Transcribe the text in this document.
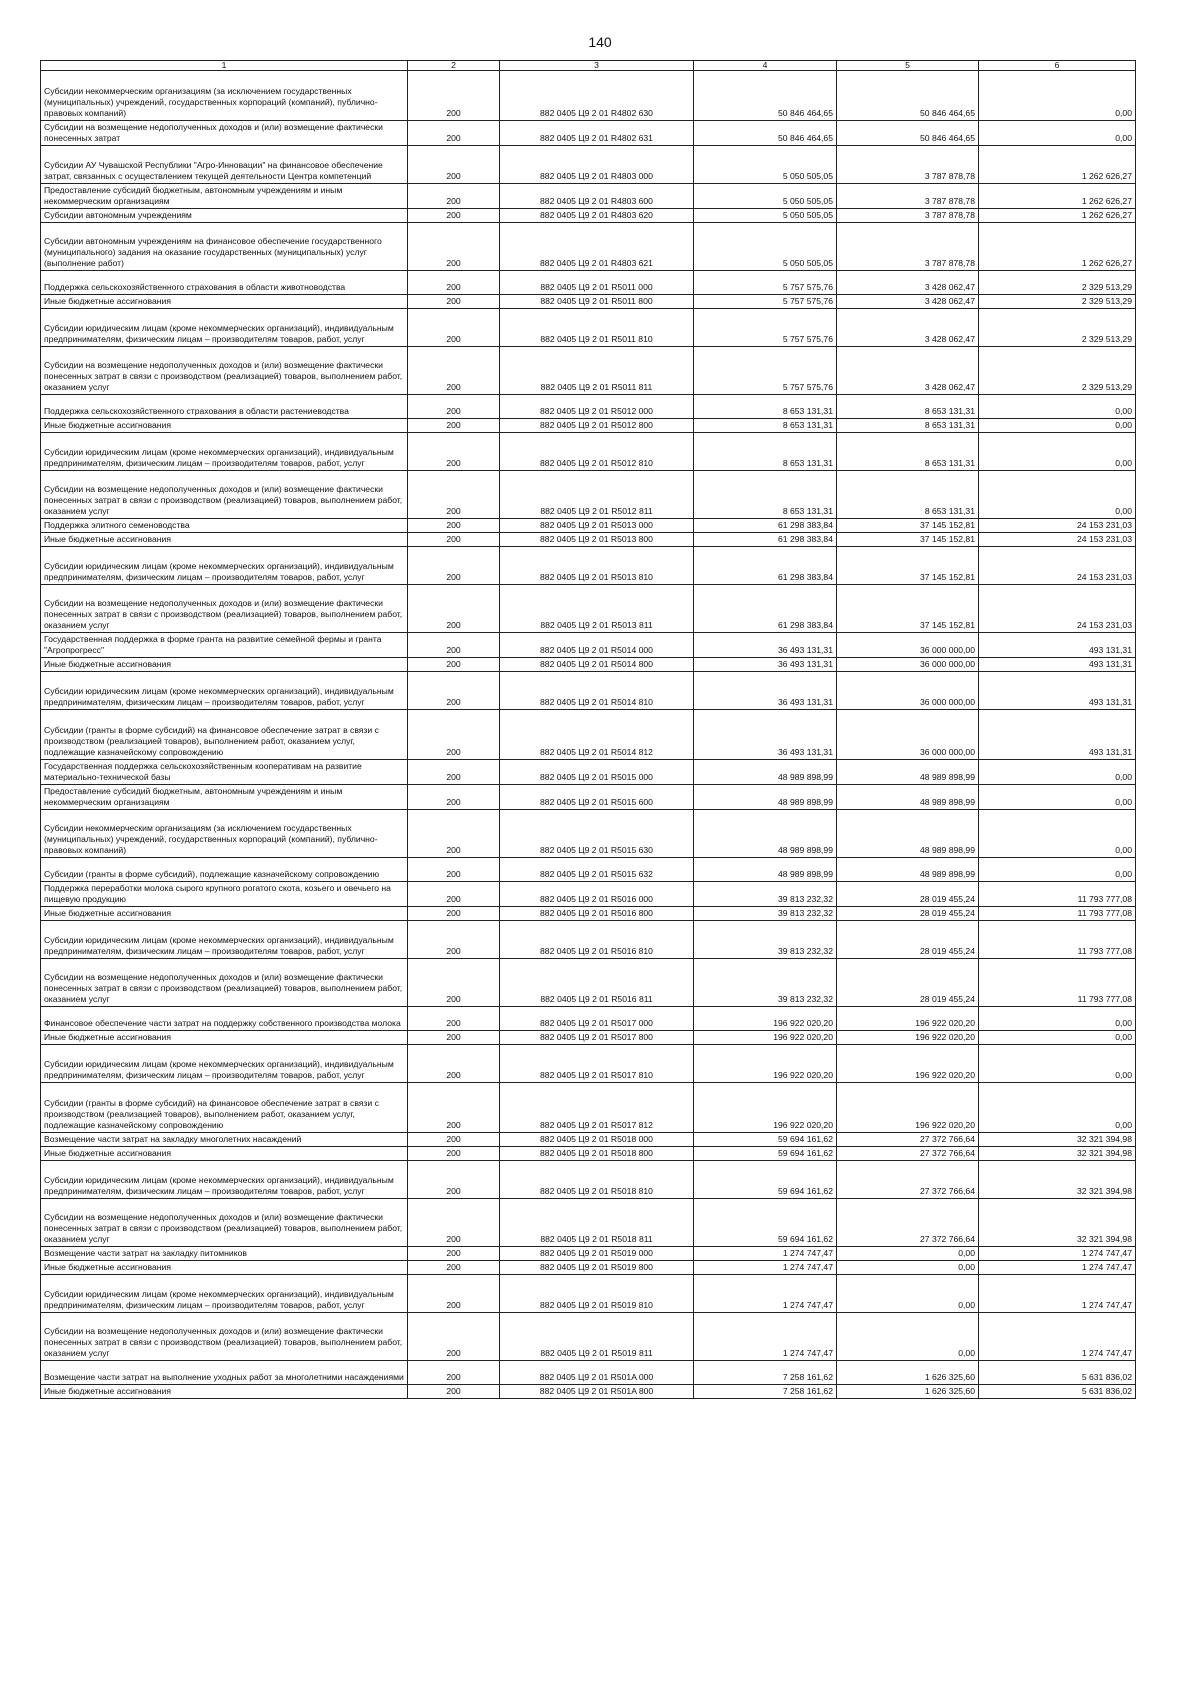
140
1	2	3	4	5	6
Субсидии некоммерческим организациям (за исключением государственных (муниципальных) учреждений, государственных корпораций (компаний), публично-правовых компаний)	200	882 0405 Ц9 2 01 R4802 630	50 846 464,65	50 846 464,65	0,00
Субсидии на возмещение недополученных доходов и (или) возмещение фактически понесенных затрат	200	882 0405 Ц9 2 01 R4802 631	50 846 464,65	50 846 464,65	0,00
Субсидии АУ Чувашской Республики "Агро-Инновации" на финансовое обеспечение затрат, связанных с осуществлением текущей деятельности Центра компетенций	200	882 0405 Ц9 2 01 R4803 000	5 050 505,05	3 787 878,78	1 262 626,27
Предоставление субсидий бюджетным, автономным учреждениям и иным некоммерческим организациям	200	882 0405 Ц9 2 01 R4803 600	5 050 505,05	3 787 878,78	1 262 626,27
Субсидии автономным учреждениям	200	882 0405 Ц9 2 01 R4803 620	5 050 505,05	3 787 878,78	1 262 626,27
Субсидии автономным учреждениям на финансовое обеспечение государственного (муниципального) задания на оказание государственных (муниципальных) услуг (выполнение работ)	200	882 0405 Ц9 2 01 R4803 621	5 050 505,05	3 787 878,78	1 262 626,27
Поддержка сельскохозяйственного страхования в области животноводства	200	882 0405 Ц9 2 01 R5011 000	5 757 575,76	3 428 062,47	2 329 513,29
Иные бюджетные ассигнования	200	882 0405 Ц9 2 01 R5011 800	5 757 575,76	3 428 062,47	2 329 513,29
Субсидии юридическим лицам (кроме некоммерческих организаций), индивидуальным предпринимателям, физическим лицам – производителям товаров, работ, услуг	200	882 0405 Ц9 2 01 R5011 810	5 757 575,76	3 428 062,47	2 329 513,29
Субсидии на возмещение недополученных доходов и (или) возмещение фактически понесенных затрат в связи с производством (реализацией) товаров, выполнением работ, оказанием услуг	200	882 0405 Ц9 2 01 R5011 811	5 757 575,76	3 428 062,47	2 329 513,29
Поддержка сельскохозяйственного страхования в области растениеводства	200	882 0405 Ц9 2 01 R5012 000	8 653 131,31	8 653 131,31	0,00
Иные бюджетные ассигнования	200	882 0405 Ц9 2 01 R5012 800	8 653 131,31	8 653 131,31	0,00
Субсидии юридическим лицам (кроме некоммерческих организаций), индивидуальным предпринимателям, физическим лицам – производителям товаров, работ, услуг	200	882 0405 Ц9 2 01 R5012 810	8 653 131,31	8 653 131,31	0,00
Субсидии на возмещение недополученных доходов и (или) возмещение фактически понесенных затрат в связи с производством (реализацией) товаров, выполнением работ, оказанием услуг	200	882 0405 Ц9 2 01 R5012 811	8 653 131,31	8 653 131,31	0,00
Поддержка элитного семеноводства	200	882 0405 Ц9 2 01 R5013 000	61 298 383,84	37 145 152,81	24 153 231,03
Иные бюджетные ассигнования	200	882 0405 Ц9 2 01 R5013 800	61 298 383,84	37 145 152,81	24 153 231,03
Субсидии юридическим лицам (кроме некоммерческих организаций), индивидуальным предпринимателям, физическим лицам – производителям товаров, работ, услуг	200	882 0405 Ц9 2 01 R5013 810	61 298 383,84	37 145 152,81	24 153 231,03
Субсидии на возмещение недополученных доходов и (или) возмещение фактически понесенных затрат в связи с производством (реализацией) товаров, выполнением работ, оказанием услуг	200	882 0405 Ц9 2 01 R5013 811	61 298 383,84	37 145 152,81	24 153 231,03
Государственная поддержка в форме гранта на развитие семейной фермы и гранта "Агропрогресс"	200	882 0405 Ц9 2 01 R5014 000	36 493 131,31	36 000 000,00	493 131,31
Иные бюджетные ассигнования	200	882 0405 Ц9 2 01 R5014 800	36 493 131,31	36 000 000,00	493 131,31
Субсидии юридическим лицам (кроме некоммерческих организаций), индивидуальным предпринимателям, физическим лицам – производителям товаров, работ, услуг	200	882 0405 Ц9 2 01 R5014 810	36 493 131,31	36 000 000,00	493 131,31
Субсидии (гранты в форме субсидий) на финансовое обеспечение затрат в связи с производством (реализацией товаров), выполнением работ, оказанием услуг, подлежащие казначейскому сопровождению	200	882 0405 Ц9 2 01 R5014 812	36 493 131,31	36 000 000,00	493 131,31
Государственная поддержка сельскохозяйственным кооперативам на развитие материально-технической базы	200	882 0405 Ц9 2 01 R5015 000	48 989 898,99	48 989 898,99	0,00
Предоставление субсидий бюджетным, автономным учреждениям и иным некоммерческим организациям	200	882 0405 Ц9 2 01 R5015 600	48 989 898,99	48 989 898,99	0,00
Субсидии некоммерческим организациям (за исключением государственных (муниципальных) учреждений, государственных корпораций (компаний), публично-правовых компаний)	200	882 0405 Ц9 2 01 R5015 630	48 989 898,99	48 989 898,99	0,00
Субсидии (гранты в форме субсидий), подлежащие казначейскому сопровождению	200	882 0405 Ц9 2 01 R5015 632	48 989 898,99	48 989 898,99	0,00
Поддержка переработки молока сырого крупного рогатого скота, козьего и овечьего на пищевую продукцию	200	882 0405 Ц9 2 01 R5016 000	39 813 232,32	28 019 455,24	11 793 777,08
Иные бюджетные ассигнования	200	882 0405 Ц9 2 01 R5016 800	39 813 232,32	28 019 455,24	11 793 777,08
Субсидии юридическим лицам (кроме некоммерческих организаций), индивидуальным предпринимателям, физическим лицам – производителям товаров, работ, услуг	200	882 0405 Ц9 2 01 R5016 810	39 813 232,32	28 019 455,24	11 793 777,08
Субсидии на возмещение недополученных доходов и (или) возмещение фактически понесенных затрат в связи с производством (реализацией) товаров, выполнением работ, оказанием услуг	200	882 0405 Ц9 2 01 R5016 811	39 813 232,32	28 019 455,24	11 793 777,08
Финансовое обеспечение части затрат на поддержку собственного производства молока	200	882 0405 Ц9 2 01 R5017 000	196 922 020,20	196 922 020,20	0,00
Иные бюджетные ассигнования	200	882 0405 Ц9 2 01 R5017 800	196 922 020,20	196 922 020,20	0,00
Субсидии юридическим лицам (кроме некоммерческих организаций), индивидуальным предпринимателям, физическим лицам – производителям товаров, работ, услуг	200	882 0405 Ц9 2 01 R5017 810	196 922 020,20	196 922 020,20	0,00
Субсидии (гранты в форме субсидий) на финансовое обеспечение затрат в связи с производством (реализацией товаров), выполнением работ, оказанием услуг, подлежащие казначейскому сопровождению	200	882 0405 Ц9 2 01 R5017 812	196 922 020,20	196 922 020,20	0,00
Возмещение части затрат на закладку многолетних насаждений	200	882 0405 Ц9 2 01 R5018 000	59 694 161,62	27 372 766,64	32 321 394,98
Иные бюджетные ассигнования	200	882 0405 Ц9 2 01 R5018 800	59 694 161,62	27 372 766,64	32 321 394,98
Субсидии юридическим лицам (кроме некоммерческих организаций), индивидуальным предпринимателям, физическим лицам – производителям товаров, работ, услуг	200	882 0405 Ц9 2 01 R5018 810	59 694 161,62	27 372 766,64	32 321 394,98
Субсидии на возмещение недополученных доходов и (или) возмещение фактически понесенных затрат в связи с производством (реализацией) товаров, выполнением работ, оказанием услуг	200	882 0405 Ц9 2 01 R5018 811	59 694 161,62	27 372 766,64	32 321 394,98
Возмещение части затрат на закладку питомников	200	882 0405 Ц9 2 01 R5019 000	1 274 747,47	0,00	1 274 747,47
Иные бюджетные ассигнования	200	882 0405 Ц9 2 01 R5019 800	1 274 747,47	0,00	1 274 747,47
Субсидии юридическим лицам (кроме некоммерческих организаций), индивидуальным предпринимателям, физическим лицам – производителям товаров, работ, услуг	200	882 0405 Ц9 2 01 R5019 810	1 274 747,47	0,00	1 274 747,47
Субсидии на возмещение недополученных доходов и (или) возмещение фактически понесенных затрат в связи с производством (реализацией) товаров, выполнением работ, оказанием услуг	200	882 0405 Ц9 2 01 R5019 811	1 274 747,47	0,00	1 274 747,47
Возмещение части затрат на выполнение уходных работ за многолетними насаждениями	200	882 0405 Ц9 2 01 R501A 000	7 258 161,62	1 626 325,60	5 631 836,02
Иные бюджетные ассигнования	200	882 0405 Ц9 2 01 R501A 800	7 258 161,62	1 626 325,60	5 631 836,02
